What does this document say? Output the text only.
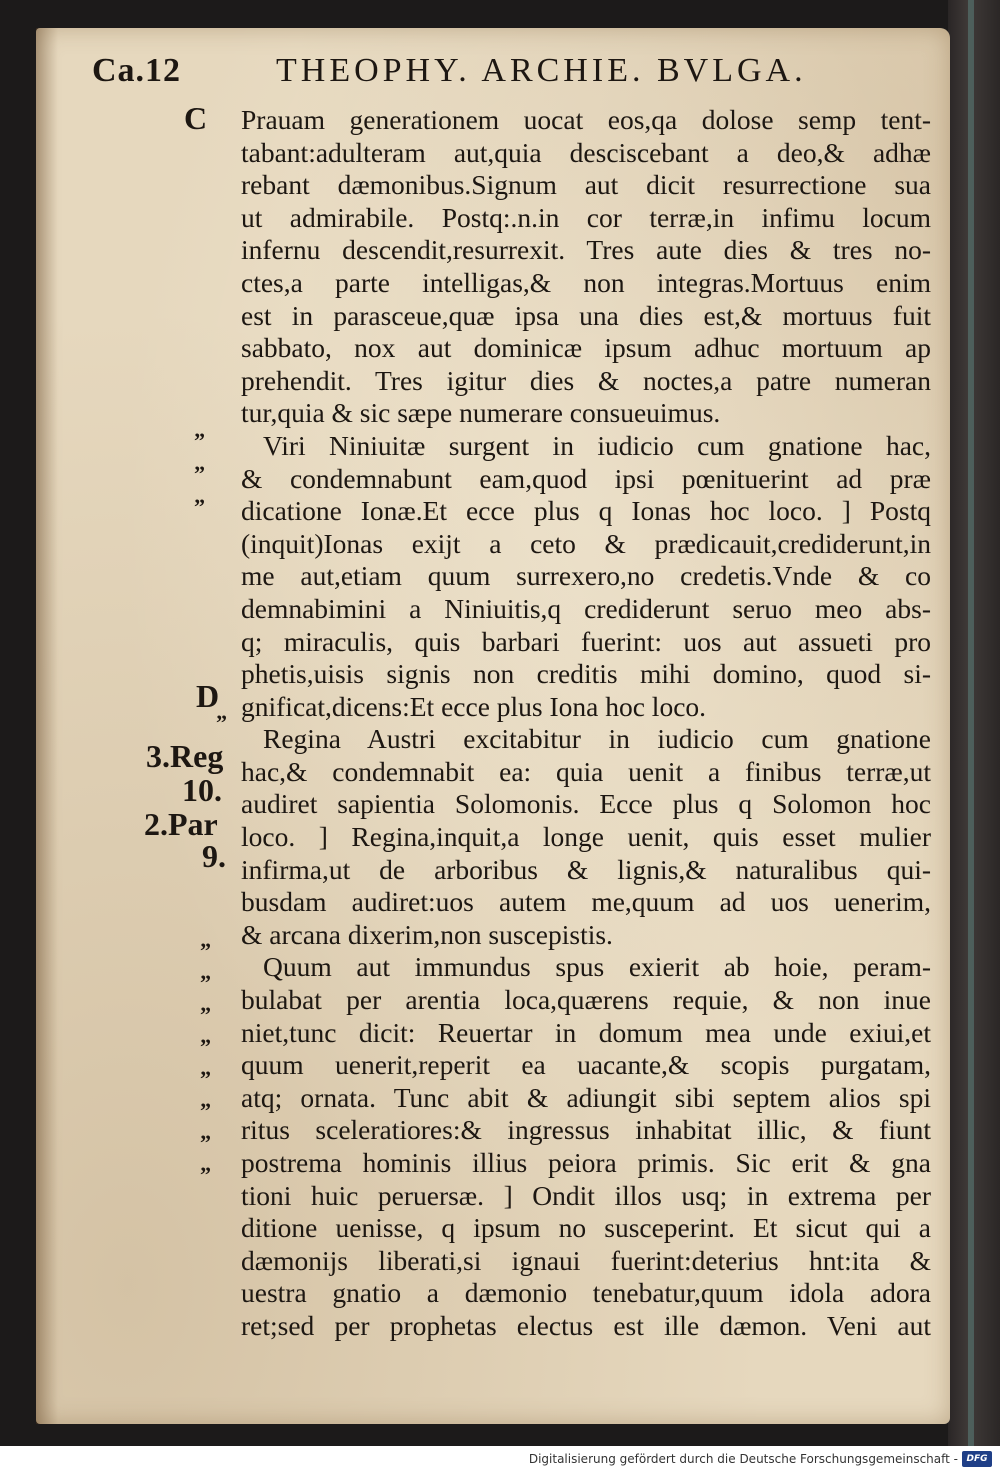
Ca.12	THEOPHY. ARCHIE. BVLGA.
C
”
”
”
D
”
3.Reg
10.
2.Par
9.
”
”
”
”
”
”
”
”
Prauam generationem uocat eos,qa dolose semp tent-
tabant:adulteram aut,quia desciscebant a deo,& adhæ
rebant dæmonibus.Signum aut dicit resurrectione sua
ut admirabile. Postq:.n.in cor terræ,in infimu locum
infernu descendit,resurrexit. Tres aute dies & tres no-
ctes,a parte intelligas,& non integras.Mortuus enim
est in parasceue,quæ ipsa una dies est,& mortuus fuit
sabbato, nox aut dominicæ ipsum adhuc mortuum ap
prehendit. Tres igitur dies & noctes,a patre numeran
tur,quia & sic sæpe numerare consueuimus.
Viri Niniuitæ surgent in iudicio cum gnatione hac,
& condemnabunt eam,quod ipsi pœnituerint ad præ
dicatione Ionæ.Et ecce plus q Ionas hoc loco. ] Postq
(inquit)Ionas exijt a ceto & prædicauit,crediderunt,in
me aut,etiam quum surrexero,no credetis.Vnde & co
demnabimini a Niniuitis,q crediderunt seruo meo abs-
q; miraculis, quis barbari fuerint: uos aut assueti pro
phetis,uisis signis non creditis mihi domino, quod si-
gnificat,dicens:Et ecce plus Iona hoc loco.
Regina Austri excitabitur in iudicio cum gnatione
hac,& condemnabit ea: quia uenit a finibus terræ,ut
audiret sapientia Solomonis. Ecce plus q Solomon hoc
loco. ] Regina,inquit,a longe uenit, quis esset mulier
infirma,ut de arboribus & lignis,& naturalibus qui-
busdam audiret:uos autem me,quum ad uos uenerim,
& arcana dixerim,non suscepistis.
Quum aut immundus spus exierit ab hoie, peram-
bulabat per arentia loca,quærens requie, & non inue
niet,tunc dicit: Reuertar in domum mea unde exiui,et
quum uenerit,reperit ea uacante,& scopis purgatam,
atq; ornata. Tunc abit & adiungit sibi septem alios spi
ritus sceleratiores:& ingressus inhabitat illic, & fiunt
postrema hominis illius peiora primis. Sic erit & gna
tioni huic peruersæ. ] Ondit illos usq; in extrema per
ditione uenisse, q ipsum no susceperint. Et sicut qui a
dæmonijs liberati,si ignaui fuerint:deterius hnt:ita &
uestra gnatio a dæmonio tenebatur,quum idola adora
ret;sed per prophetas electus est ille dæmon. Veni aut
Digitalisierung gefördert durch die Deutsche Forschungsgemeinschaft - DFG
